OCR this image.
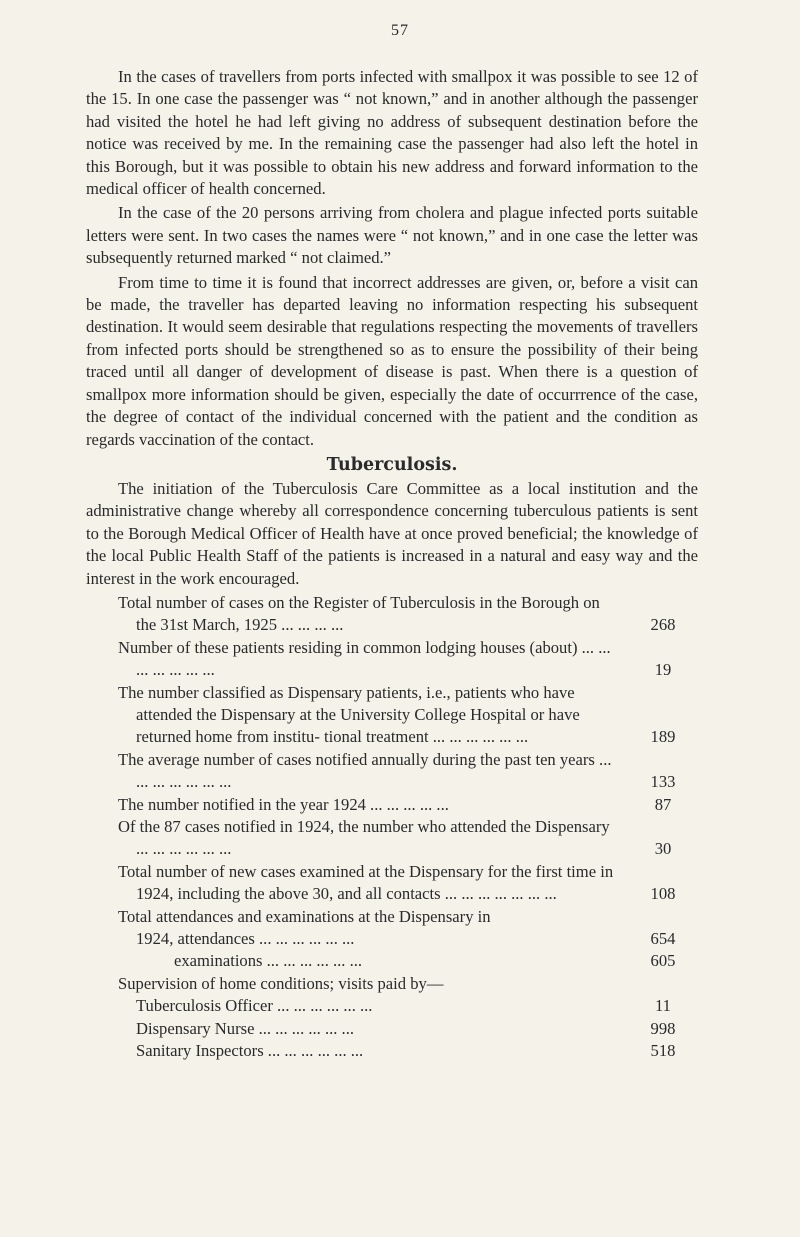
57

In the cases of travellers from ports infected with smallpox it was possible to see 12 of the 15. In one case the passenger was “ not known,” and in another although the passenger had visited the hotel he had left giving no address of subsequent destination before the notice was received by me. In the remaining case the passenger had also left the hotel in this Borough, but it was possible to obtain his new address and forward information to the medical officer of health concerned.

In the case of the 20 persons arriving from cholera and plague infected ports suitable letters were sent. In two cases the names were “ not known,” and in one case the letter was subsequently returned marked “ not claimed.”

From time to time it is found that incorrect addresses are given, or, before a visit can be made, the traveller has departed leaving no information respecting his subsequent destination. It would seem desirable that regulations respecting the movements of travellers from infected ports should be strengthened so as to ensure the possibility of their being traced until all danger of development of disease is past. When there is a question of smallpox more information should be given, especially the date of occurrrence of the case, the degree of contact of the individual concerned with the patient and the condition as regards vaccination of the contact.

Tuberculosis.

The initiation of the Tuberculosis Care Committee as a local institution and the administrative change whereby all correspondence concerning tuberculous patients is sent to the Borough Medical Officer of Health have at once proved beneficial; the knowledge of the local Public Health Staff of the patients is increased in a natural and easy way and the interest in the work encouraged.

Total number of cases on the Register of Tuberculosis in the Borough on the 31st March, 1925 ... ... ... ...	268
Number of these patients residing in common lodging houses (about) ... ... ... ... ... ... ...	19
The number classified as Dispensary patients, i.e., patients who have attended the Dispensary at the University College Hospital or have returned home from institu- tional treatment ... ... ... ... ... ...	189
The average number of cases notified annually during the past ten years ... ... ... ... ... ... ...	133
The number notified in the year 1924 ... ... ... ... ...	87
Of the 87 cases notified in 1924, the number who attended the Dispensary ... ... ... ... ... ...	30
Total number of new cases examined at the Dispensary for the first time in 1924, including the above 30, and all contacts ... ... ... ... ... ... ...	108
Total attendances and examinations at the Dispensary in
1924, attendances ... ... ... ... ... ...	654
examinations ... ... ... ... ... ...	605
Supervision of home conditions; visits paid by—
Tuberculosis Officer ... ... ... ... ... ...	11
Dispensary Nurse ... ... ... ... ... ...	998
Sanitary Inspectors ... ... ... ... ... ...	518
